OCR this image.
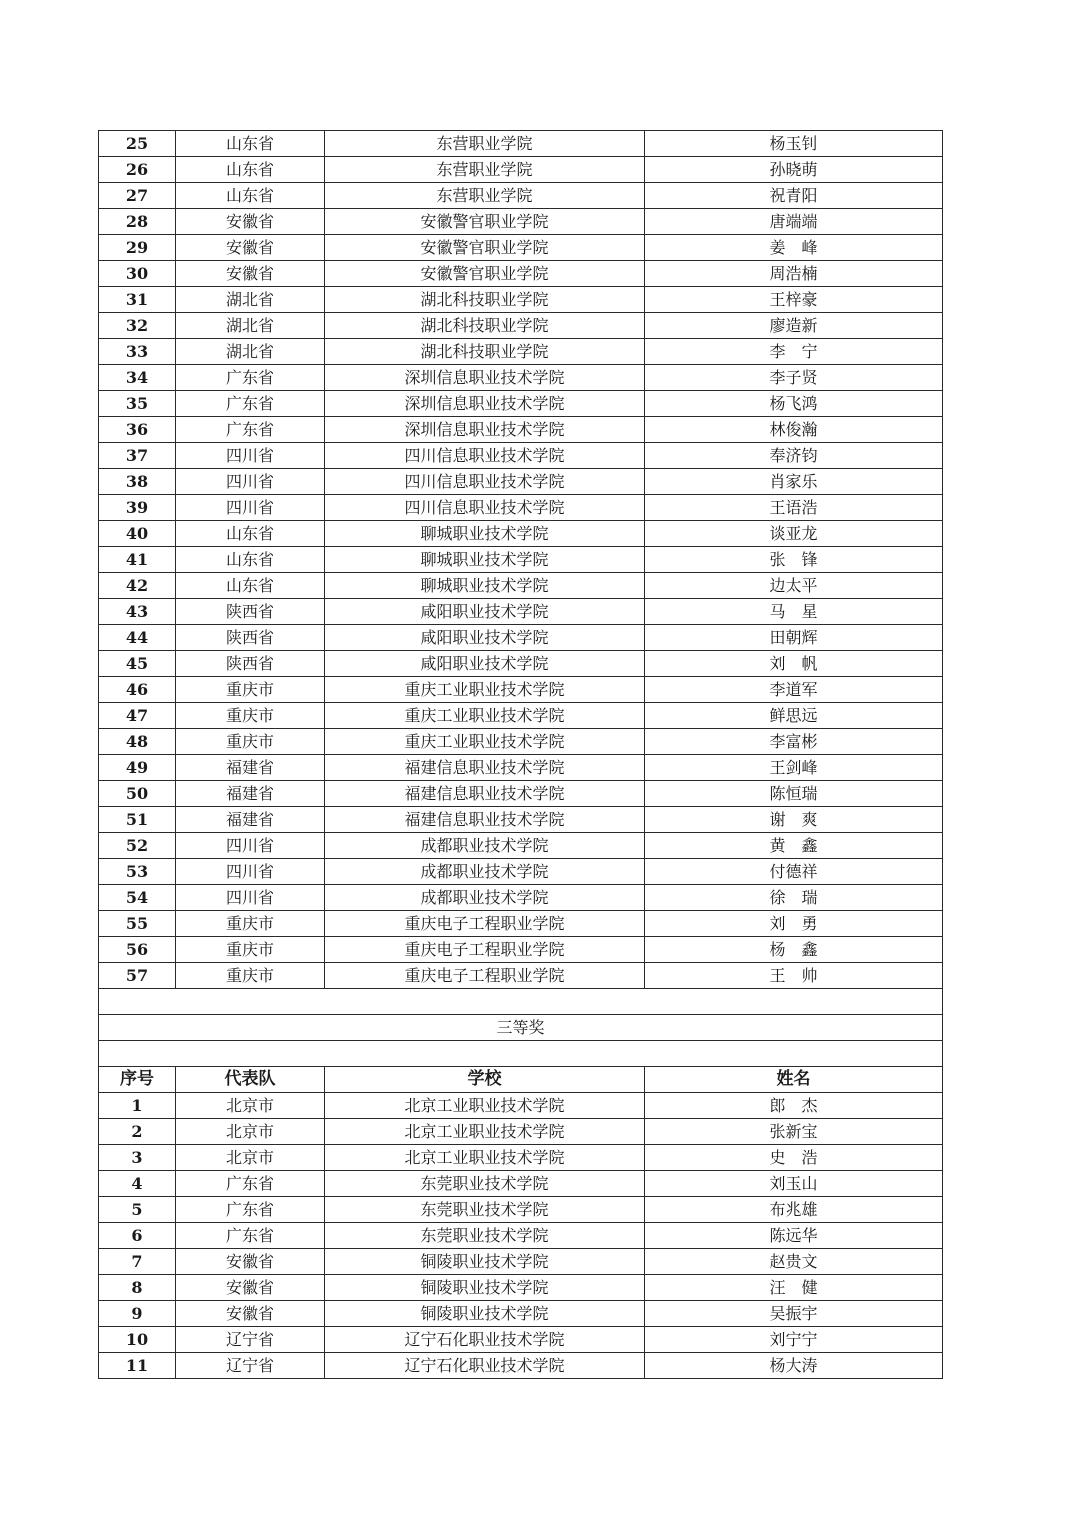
25	山东省	东营职业学院	杨玉钊
26	山东省	东营职业学院	孙晓萌
27	山东省	东营职业学院	祝青阳
28	安徽省	安徽警官职业学院	唐端端
29	安徽省	安徽警官职业学院	姜　峰
30	安徽省	安徽警官职业学院	周浩楠
31	湖北省	湖北科技职业学院	王梓豪
32	湖北省	湖北科技职业学院	廖造新
33	湖北省	湖北科技职业学院	李　宁
34	广东省	深圳信息职业技术学院	李子贤
35	广东省	深圳信息职业技术学院	杨飞鸿
36	广东省	深圳信息职业技术学院	林俊瀚
37	四川省	四川信息职业技术学院	奉济钧
38	四川省	四川信息职业技术学院	肖家乐
39	四川省	四川信息职业技术学院	王语浩
40	山东省	聊城职业技术学院	谈亚龙
41	山东省	聊城职业技术学院	张　锋
42	山东省	聊城职业技术学院	边太平
43	陕西省	咸阳职业技术学院	马　星
44	陕西省	咸阳职业技术学院	田朝辉
45	陕西省	咸阳职业技术学院	刘　帆
46	重庆市	重庆工业职业技术学院	李道军
47	重庆市	重庆工业职业技术学院	鲜思远
48	重庆市	重庆工业职业技术学院	李富彬
49	福建省	福建信息职业技术学院	王剑峰
50	福建省	福建信息职业技术学院	陈恒瑞
51	福建省	福建信息职业技术学院	谢　爽
52	四川省	成都职业技术学院	黄　鑫
53	四川省	成都职业技术学院	付德祥
54	四川省	成都职业技术学院	徐　瑞
55	重庆市	重庆电子工程职业学院	刘　勇
56	重庆市	重庆电子工程职业学院	杨　鑫
57	重庆市	重庆电子工程职业学院	王　帅

三等奖			

序号	代表队	学校	姓名
1	北京市	北京工业职业技术学院	郎　杰
2	北京市	北京工业职业技术学院	张新宝
3	北京市	北京工业职业技术学院	史　浩
4	广东省	东莞职业技术学院	刘玉山
5	广东省	东莞职业技术学院	布兆雄
6	广东省	东莞职业技术学院	陈远华
7	安徽省	铜陵职业技术学院	赵贵文
8	安徽省	铜陵职业技术学院	汪　健
9	安徽省	铜陵职业技术学院	吴振宇
10	辽宁省	辽宁石化职业技术学院	刘宁宁
11	辽宁省	辽宁石化职业技术学院	杨大涛
